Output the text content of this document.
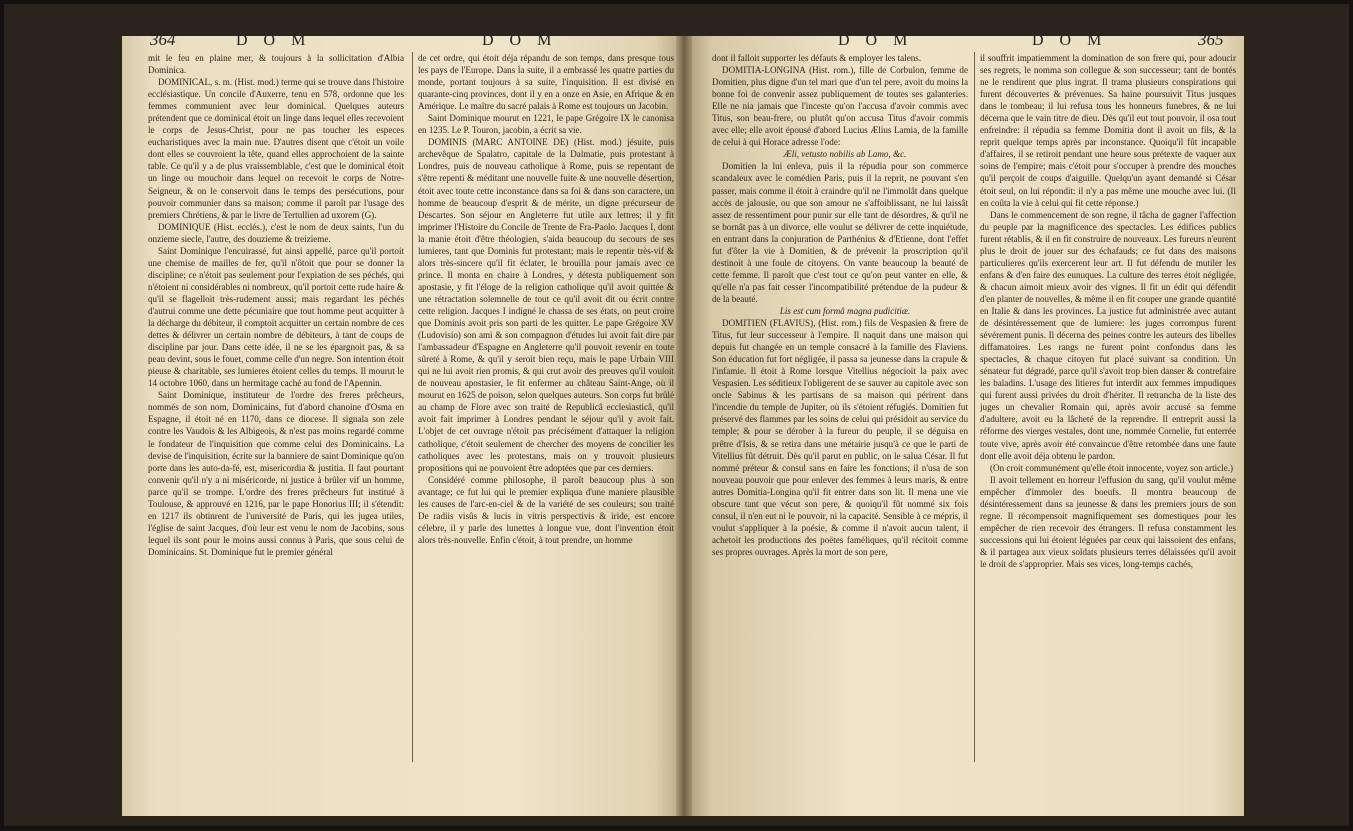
364	D O M	D O M	D O M	D O M	365

mit le feu en plaine mer, & toujours à la sollicitation d'Albia Dominica.

DOMINICAL, s. m. (Hist. mod.) terme qui se trouve dans l'histoire ecclésiastique. Un concile d'Auxerre, tenu en 578, ordonne que les femmes communient avec leur dominical. Quelques auteurs prétendent que ce dominical étoit un linge dans lequel elles recevoient le corps de Jesus-Christ, pour ne pas toucher les especes eucharistiques avec la main nue. D'autres disent que c'étoit un voile dont elles se couvroient la tête, quand elles approchoient de la sainte table. Ce qu'il y a de plus vraissemblable, c'est que le dominical étoit un linge ou mouchoir dans lequel on recevoit le corps de Notre-Seigneur, & on le conservoit dans le temps des persécutions, pour pouvoir communier dans sa maison; comme il paroît par l'usage des premiers Chrétiens, & par le livre de Tertullien ad uxorem (G).

DOMINIQUE (Hist. ecclés.), c'est le nom de deux saints, l'un du onzieme siecle, l'autre, des douzieme & treizieme.

Saint Dominique l'encuirassé, fut ainsi appellé, parce qu'il portoit une chemise de mailles de fer, qu'il n'ôtoit que pour se donner la discipline; ce n'étoit pas seulement pour l'expiation de ses péchés, qui n'étoient ni considérables ni nombreux, qu'il portoit cette rude haire & qu'il se flagelloit très-rudement aussi; mais regardant les péchés d'autrui comme une dette pécuniaire que tout homme peut acquitter à la décharge du débiteur, il comptoit acquitter un certain nombre de ces dettes & délivrer un certain nombre de débiteurs, à tant de coups de discipline par jour. Dans cette idée, il ne se les épargnoit pas, & sa peau devint, sous le fouet, comme celle d'un negre. Son intention étoit pieuse & charitable, ses lumieres étoient celles du temps. Il mourut le 14 octobre 1060, dans un hermitage caché au fond de l'Apennin.

Saint Dominique, instituteur de l'ordre des freres prêcheurs, nommés de son nom, Dominicains, fut d'abord chanoine d'Osma en Espagne, il étoit né en 1170, dans ce diocese. Il signala son zele contre les Vaudois & les Albigeois, & n'est pas moins regardé comme le fondateur de l'inquisition que comme celui des Dominicains. La devise de l'inquisition, écrite sur la banniere de saint Dominique qu'on porte dans les auto-da-fé, est, misericordia & justitia. Il faut pourtant convenir qu'il n'y a ni miséricorde, ni justice à brûler vif un homme, parce qu'il se trompe. L'ordre des freres prêcheurs fut institué à Toulouse, & approuvé en 1216, par le pape Honorius III; il s'étendit: en 1217 ils obtinrent de l'université de Paris, qui les jugea utiles, l'église de saint Jacques, d'où leur est venu le nom de Jacobins, sous lequel ils sont pour le moins aussi connus à Paris, que sous celui de Dominicains. St. Dominique fut le premier général

de cet ordre, qui étoit déja répandu de son temps, dans presque tous les pays de l'Europe. Dans la suite, il a embrassé les quatre parties du monde, portant toujours à sa suite, l'inquisition. Il est divisé en quarante-cinq provinces, dont il y en a onze en Asie, en Afrique & en Amérique. Le maître du sacré palais à Rome est toujours un Jacobin.

Saint Dominique mourut en 1221, le pape Grégoire IX le canonisa en 1235. Le P. Touron, jacobin, a écrit sa vie.

DOMINIS (MARC ANTOINE DE) (Hist. mod.) jésuite, puis archevêque de Spalatro, capitale de la Dalmatie, puis protestant à Londres, puis de nouveau catholique à Rome, puis se repentant de s'être repenti & méditant une nouvelle fuite & une nouvelle désertion, étoit avec toute cette inconstance dans sa foi & dans son caractere, un homme de beaucoup d'esprit & de mérite, un digne précurseur de Descartes. Son séjour en Angleterre fut utile aux lettres; il y fit imprimer l'Histoire du Concile de Trente de Fra-Paolo. Jacques I, dont la manie étoit d'être théologien, s'aida beaucoup du secours de ses lumieres, tant que Dominis fut protestant; mais le repentir très-vif & alors très-sincere qu'il fit éclater, le brouilla pour jamais avec ce prince. Il monta en chaire à Londres, y détesta publiquement son apostasie, y fit l'éloge de la religion catholique qu'il avoit quittée & une rétractation solemnelle de tout ce qu'il avoit dit ou écrit contre cette religion. Jacques I indigné le chassa de ses états, on peut croire que Dominis avoit pris son parti de les quitter. Le pape Grégoire XV (Ludovisio) son ami & son compagnon d'études lui avoit fait dire par l'ambassadeur d'Espagne en Angleterre qu'il pouvoit revenir en toute sûreté à Rome, & qu'il y seroit bien reçu, mais le pape Urbain VIII qui ne lui avoit rien promis, & qui crut avoir des preuves qu'il vouloit de nouveau apostasier, le fit enfermer au château Saint-Ange, où il mourut en 1625 de poison, selon quelques auteurs. Son corps fut brûlé au champ de Flore avec son traité de Republicâ ecclesiasticâ, qu'il avoit fait imprimer à Londres pendant le séjour qu'il y avoit fait. L'objet de cet ouvrage n'étoit pas précisément d'attaquer la religion catholique, c'étoit seulement de chercher des moyens de concilier les catholiques avec les protestans, mais on y trouvoit plusieurs propositions qui ne pouvoient être adoptées que par ces derniers.

Considéré comme philosophe, il paroît beaucoup plus à son avantage; ce fut lui qui le premier expliqua d'une maniere plausible les causes de l'arc-en-ciel & de la variété de ses couleurs; son traité De radiis visûs & lucis in vitris perspectivis & iride, est encore célebre, il y parle des lunettes à longue vue, dont l'invention étoit alors très-nouvelle. Enfin c'étoit, à tout prendre, un homme

dont il falloit supporter les défauts & employer les talens.

DOMITIA-LONGINA (Hist. rom.), fille de Corbulon, femme de Domitien, plus digne d'un tel mari que d'un tel pere, avoit du moins la bonne foi de convenir assez publiquement de toutes ses galanteries. Elle ne nia jamais que l'inceste qu'on l'accusa d'avoir commis avec Titus, son beau-frere, ou plutôt qu'on accusa Titus d'avoir commis avec elle; elle avoit épousé d'abord Lucius Ælius Lamia, de la famille de celui à qui Horace adresse l'ode:

Æli, vetusto nobilis ab Lamo, &c.

Domitien la lui enleva, puis il la répudia pour son commerce scandaleux avec le comédien Paris, puis il la reprit, ne pouvant s'en passer, mais comme il étoit à craindre qu'il ne l'immolât dans quelque accès de jalousie, ou que son amour ne s'affoiblissant, ne lui laissât assez de ressentiment pour punir sur elle tant de désordres, & qu'il ne se bornât pas à un divorce, elle voulut se délivrer de cette inquiétude, en entrant dans la conjuration de Parthénius & d'Etienne, dont l'effet fut d'ôter la vie à Domitien, & de prévenir la proscription qu'il destinoit à une foule de citoyens. On vante beaucoup la beauté de cette femme. Il paroît que c'est tout ce qu'on peut vanter en elle, & qu'elle n'a pas fait cesser l'incompatibilité prétendue de la pudeur & de la beauté.

Lis est cum formâ magna pudicitiæ.

DOMITIEN (FLAVIUS), (Hist. rom.) fils de Vespasien & frere de Titus, fut leur successeur à l'empire. Il naquit dans une maison qui depuis fut changée en un temple consacré à la famille des Flaviens. Son éducation fut fort négligée, il passa sa jeunesse dans la crapule & l'infamie. Il étoit à Rome lorsque Vitellius négocioit la paix avec Vespasien. Les séditieux l'obligerent de se sauver au capitole avec son oncle Sabinus & les partisans de sa maison qui périrent dans l'incendie du temple de Jupiter, où ils s'étoient réfugiés. Domitien fut préservé des flammes par les soins de celui qui présidoit au service du temple; & pour se dérober à la fureur du peuple, il se déguisa en prêtre d'Isis, & se retira dans une métairie jusqu'à ce que le parti de Vitellius fût détruit. Dès qu'il parut en public, on le salua César. Il fut nommé préteur & consul sans en faire les fonctions; il n'usa de son nouveau pouvoir que pour enlever des femmes à leurs maris, & entre autres Domitia-Longina qu'il fit entrer dans son lit. Il mena une vie obscure tant que vécut son pere, & quoiqu'il fût nommé six fois consul, il n'en eut ni le pouvoir, ni la capacité. Sensible à ce mépris, il voulut s'appliquer à la poésie, & comme il n'avoit aucun talent, il achetoit les productions des poëtes faméliques, qu'il récitoit comme ses propres ouvrages. Après la mort de son pere,

il souffrit impatiemment la domination de son frere qui, pour adoucir ses regrets, le nomma son collegue & son successeur; tant de bontés ne le rendirent que plus ingrat. Il trama plusieurs conspirations qui furent découvertes & prévenues. Sa haine poursuivit Titus jusques dans le tombeau; il lui refusa tous les honneurs funebres, & ne lui décerna que le vain titre de dieu. Dès qu'il eut tout pouvoir, il osa tout enfreindre: il répudia sa femme Domitia dont il avoit un fils, & la reprit quelque temps après par inconstance. Quoiqu'il fût incapable d'affaires, il se retiroit pendant une heure sous prétexte de vaquer aux soins de l'empire; mais c'étoit pour s'occuper à prendre des mouches qu'il perçoit de coups d'aiguille. Quelqu'un ayant demandé si César étoit seul, on lui répondit: il n'y a pas même une mouche avec lui. (Il en coûta la vie à celui qui fit cette réponse.)

Dans le commencement de son regne, il tâcha de gagner l'affection du peuple par la magnificence des spectacles. Les édifices publics furent rétablis, & il en fit construire de nouveaux. Les fureurs n'eurent plus le droit de jouer sur des échafauds; ce fut dans des maisons particulieres qu'ils exercerent leur art. Il fut défendu de mutiler les enfans & d'en faire des eunuques. La culture des terres étoit négligée, & chacun aimoit mieux avoir des vignes. Il fit un édit qui défendit d'en planter de nouvelles, & même il en fit couper une grande quantité en Italie & dans les provinces. La justice fut administrée avec autant de désintéressement que de lumiere: les juges corrompus furent sévérement punis. Il décerna des peines contre les auteurs des libelles diffamatoires. Les rangs ne furent point confondus dans les spectacles, & chaque citoyen fut placé suivant sa condition. Un sénateur fut dégradé, parce qu'il s'avoit trop bien danser & contrefaire les baladins. L'usage des litieres fut interdit aux femmes impudiques qui furent aussi privées du droit d'hériter. Il retrancha de la liste des juges un chevalier Romain qui, après avoir accusé sa femme d'adultere, avoit eu la lâcheté de la reprendre. Il entreprit aussi la réforme des vierges vestales, dont une, nommée Cornelie, fut enterrée toute vive, après avoir été convaincue d'être retombée dans une faute dont elle avoit déja obtenu le pardon.

(On croit communément qu'elle étoit innocente, voyez son article.)

Il avoit tellement en horreur l'effusion du sang, qu'il voulut même empêcher d'immoler des boeufs. Il montra beaucoup de désintéressement dans sa jeunesse & dans les premiers jours de son regne. Il récompensoit magnifiquement ses domestiques pour les empêcher de rien recevoir des étrangers. Il refusa constamment les successions qui lui étoient léguées par ceux qui laissoient des enfans, & il partagea aux vieux soldats plusieurs terres délaissées qu'il avoit le droit de s'approprier. Mais ses vices, long-temps cachés,
